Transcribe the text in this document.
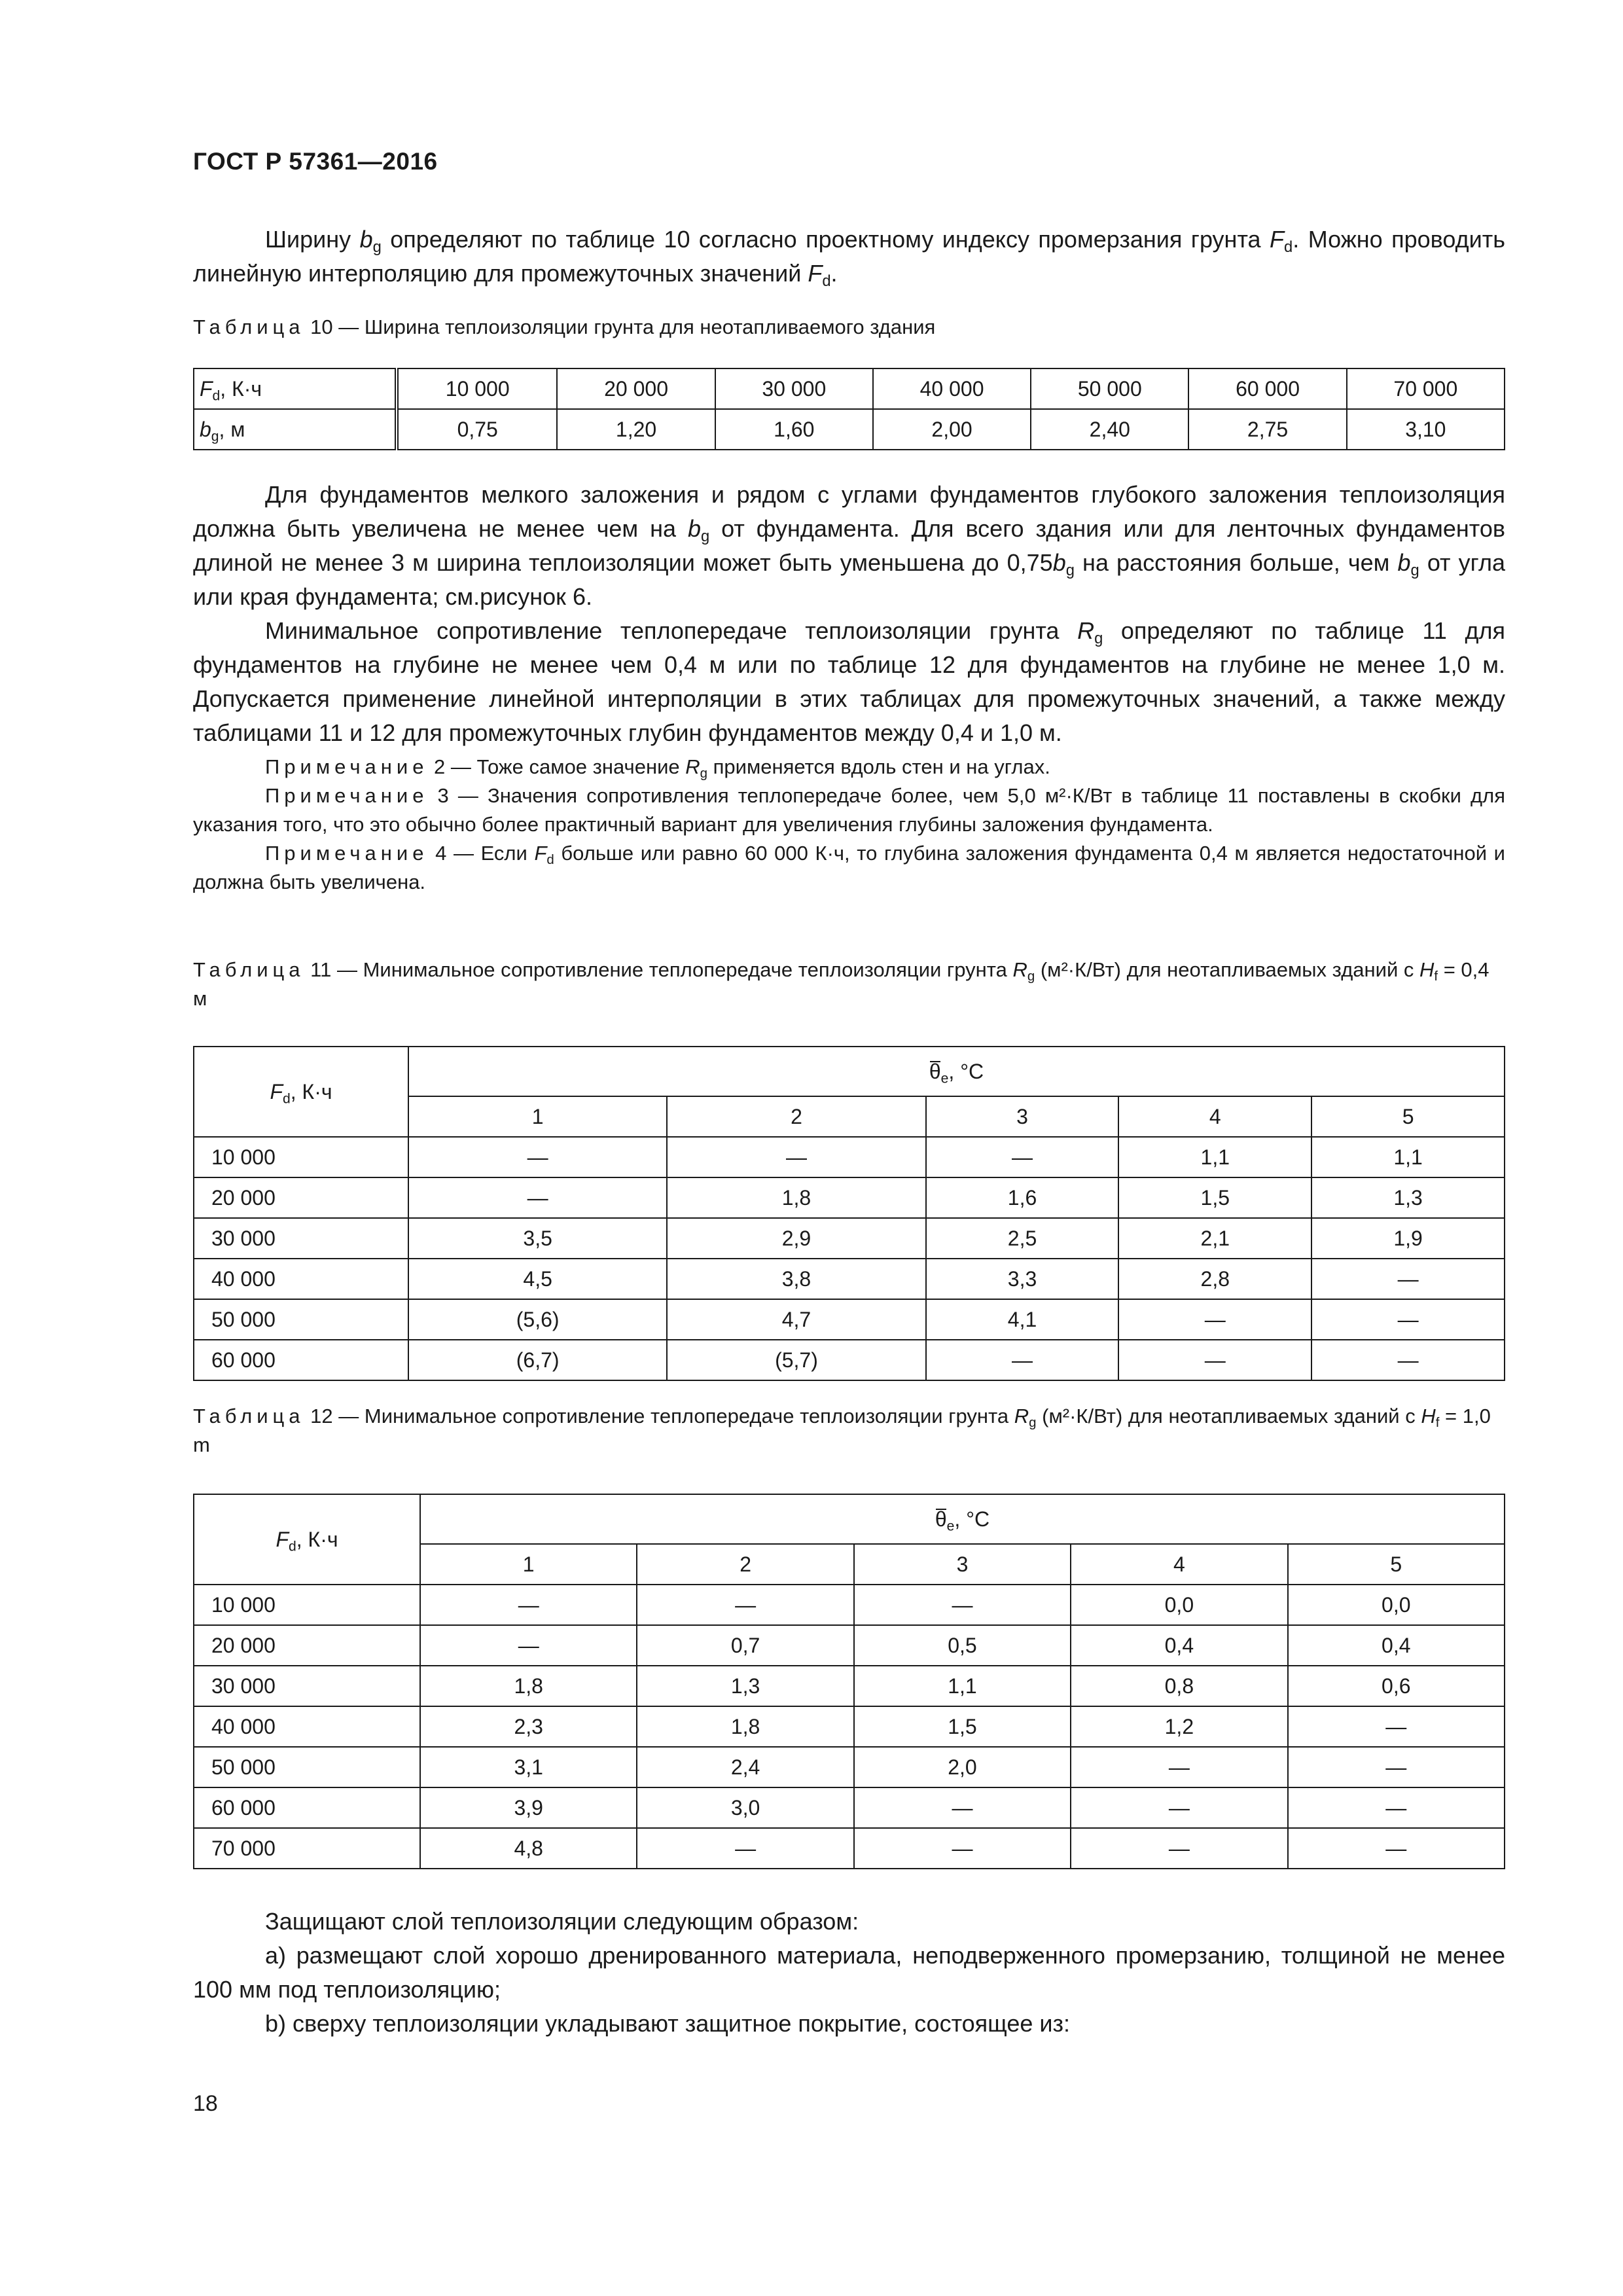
ГОСТ Р 57361—2016

Ширину $b_g$ определяют по таблице 10 согласно проектному индексу промерзания грунта $F_d$. Можно проводить линейную интерполяцию для промежуточных значений $F_d$.

Таблица 10 — Ширина теплоизоляции грунта для неотапливаемого здания

$F_d$, К·ч	10 000	20 000	30 000	40 000	50 000	60 000	70 000
$b_g$, м	0,75	1,20	1,60	2,00	2,40	2,75	3,10

Для фундаментов мелкого заложения и рядом с углами фундаментов глубокого заложения теплоизоляция должна быть увеличена не менее чем на $b_g$ от фундамента. Для всего здания или для ленточных фундаментов длиной не менее 3 м ширина теплоизоляции может быть уменьшена до $0,75b_g$ на расстояния больше, чем $b_g$ от угла или края фундамента; см.рисунок 6.

Минимальное сопротивление теплопередаче теплоизоляции грунта $R_g$ определяют по таблице 11 для фундаментов на глубине не менее чем 0,4 м или по таблице 12 для фундаментов на глубине не менее 1,0 м. Допускается применение линейной интерполяции в этих таблицах для промежуточных значений, а также между таблицами 11 и 12 для промежуточных глубин фундаментов между 0,4 и 1,0 м.

Примечание 2 — Тоже самое значение $R_g$ применяется вдоль стен и на углах.

Примечание 3 — Значения сопротивления теплопередаче более, чем 5,0 м²·К/Вт в таблице 11 поставлены в скобки для указания того, что это обычно более практичный вариант для увеличения глубины заложения фундамента.

Примечание 4 — Если $F_d$ больше или равно 60 000 К·ч, то глубина заложения фундамента 0,4 м является недостаточной и должна быть увеличена.

Таблица 11 — Минимальное сопротивление теплопередаче теплоизоляции грунта $R_g$ (м²·К/Вт) для неотапливаемых зданий с $H_f = 0,4$ м

$F_d$, К·ч	$\theta_e$, °С				
	1	2	3	4	5
10 000	—	—	—	1,1	1,1
20 000	—	1,8	1,6	1,5	1,3
30 000	3,5	2,9	2,5	2,1	1,9
40 000	4,5	3,8	3,3	2,8	—
50 000	(5,6)	4,7	4,1	—	—
60 000	(6,7)	(5,7)	—	—	—

Таблица 12 — Минимальное сопротивление теплопередаче теплоизоляции грунта $R_g$ (м²·К/Вт) для неотапливаемых зданий с $H_f = 1,0$ m

$F_d$, К·ч	$\theta_e$, °С				
	1	2	3	4	5
10 000	—	—	—	0,0	0,0
20 000	—	0,7	0,5	0,4	0,4
30 000	1,8	1,3	1,1	0,8	0,6
40 000	2,3	1,8	1,5	1,2	—
50 000	3,1	2,4	2,0	—	—
60 000	3,9	3,0	—	—	—
70 000	4,8	—	—	—	—

Защищают слой теплоизоляции следующим образом:

а) размещают слой хорошо дренированного материала, неподверженного промерзанию, толщиной не менее 100 мм под теплоизоляцию;

b) сверху теплоизоляции укладывают защитное покрытие, состоящее из:

18
